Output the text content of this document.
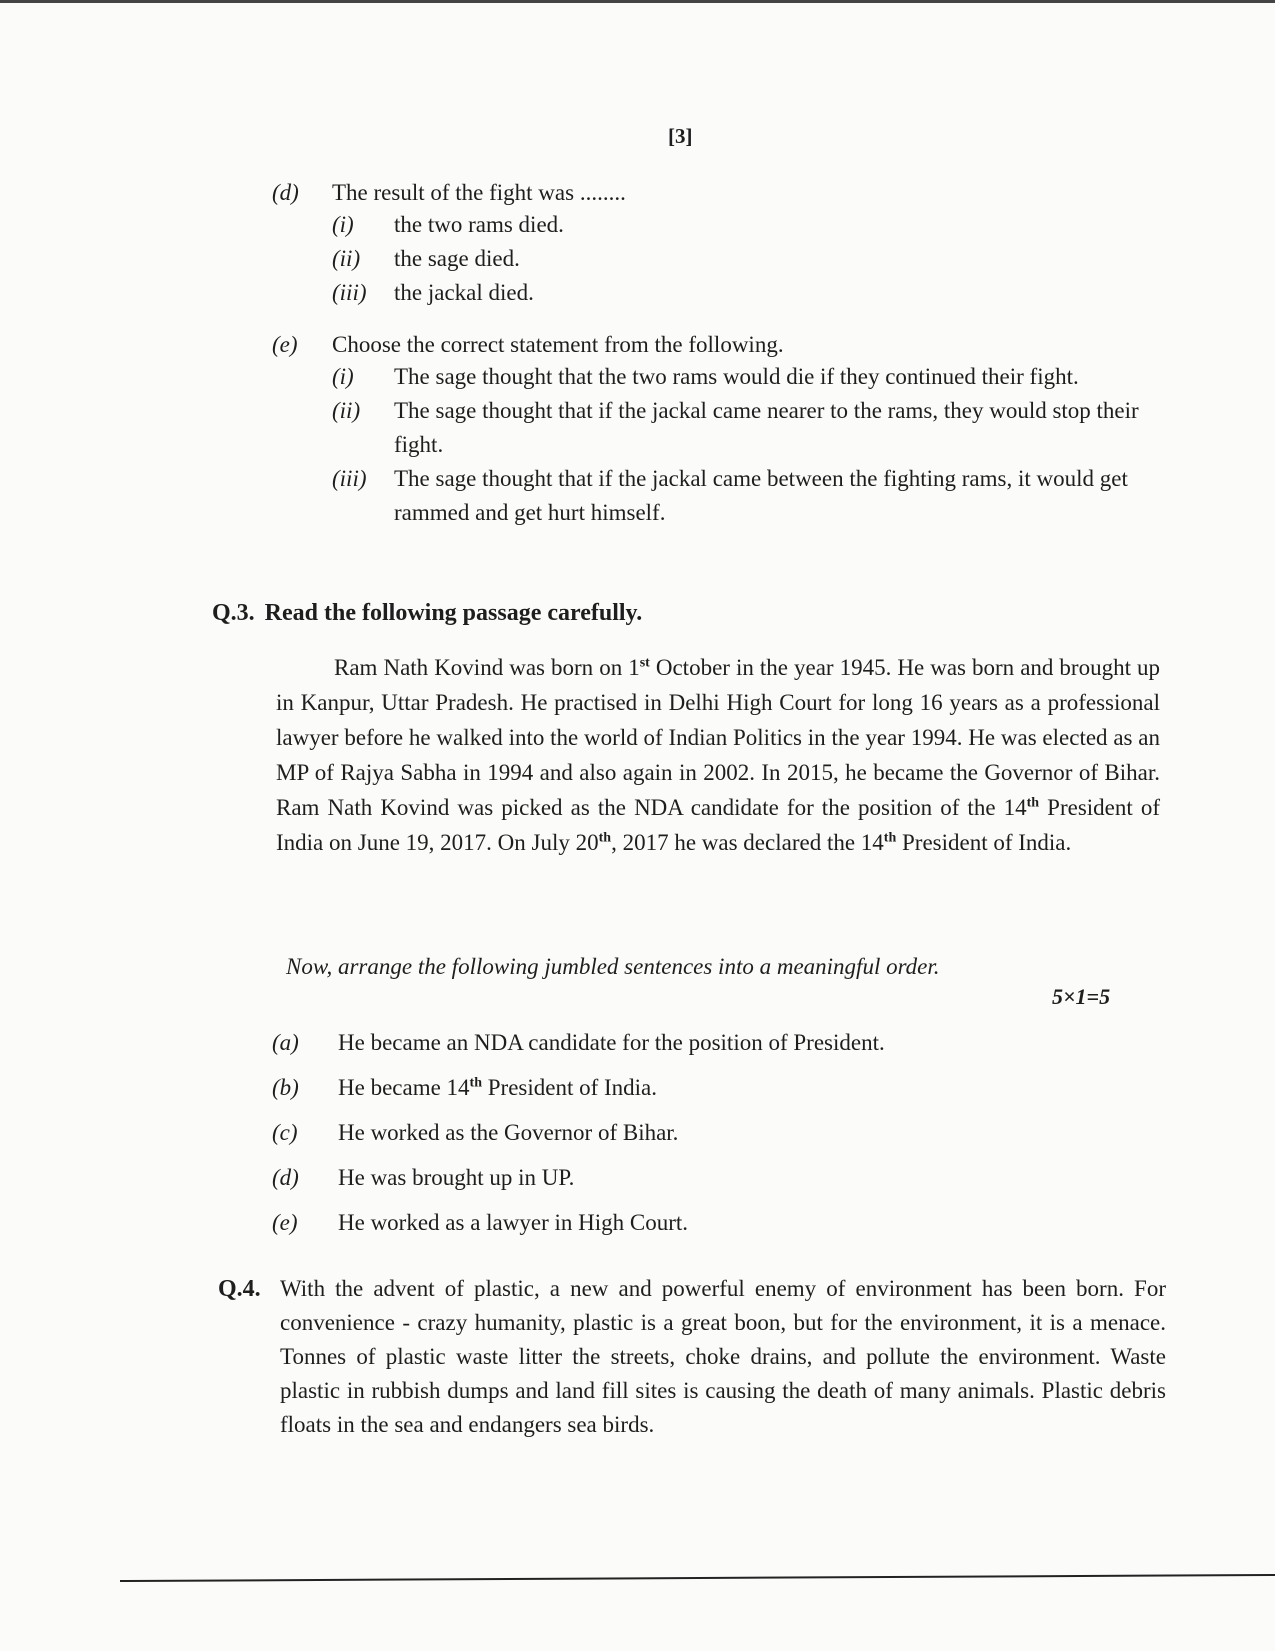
[3]
(d)	The result of the fight was ........
(i)	the two rams died.
(ii)	the sage died.
(iii)	the jackal died.
(e)	Choose the correct statement from the following.
(i)	The sage thought that the two rams would die if they continued their fight.
(ii)	The sage thought that if the jackal came nearer to the rams, they would stop their fight.
(iii)	The sage thought that if the jackal came between the fighting rams, it would get rammed and get hurt himself.
Q.3. Read the following passage carefully.

Ram Nath Kovind was born on 1st October in the year 1945. He was born and brought up in Kanpur, Uttar Pradesh. He practised in Delhi High Court for long 16 years as a professional lawyer before he walked into the world of Indian Politics in the year 1994. He was elected as an MP of Rajya Sabha in 1994 and also again in 2002. In 2015, he became the Governor of Bihar. Ram Nath Kovind was picked as the NDA candidate for the position of the 14th President of India on June 19, 2017. On July 20th, 2017 he was declared the 14th President of India.

Now, arrange the following jumbled sentences into a meaningful order.
5×1=5
(a)	He became an NDA candidate for the position of President.
(b)	He became 14th President of India.
(c)	He worked as the Governor of Bihar.
(d)	He was brought up in UP.
(e)	He worked as a lawyer in High Court.
Q.4. With the advent of plastic, a new and powerful enemy of environment has been born. For convenience - crazy humanity, plastic is a great boon, but for the environment, it is a menace. Tonnes of plastic waste litter the streets, choke drains, and pollute the environment. Waste plastic in rubbish dumps and land fill sites is causing the death of many animals. Plastic debris floats in the sea and endangers sea birds.
